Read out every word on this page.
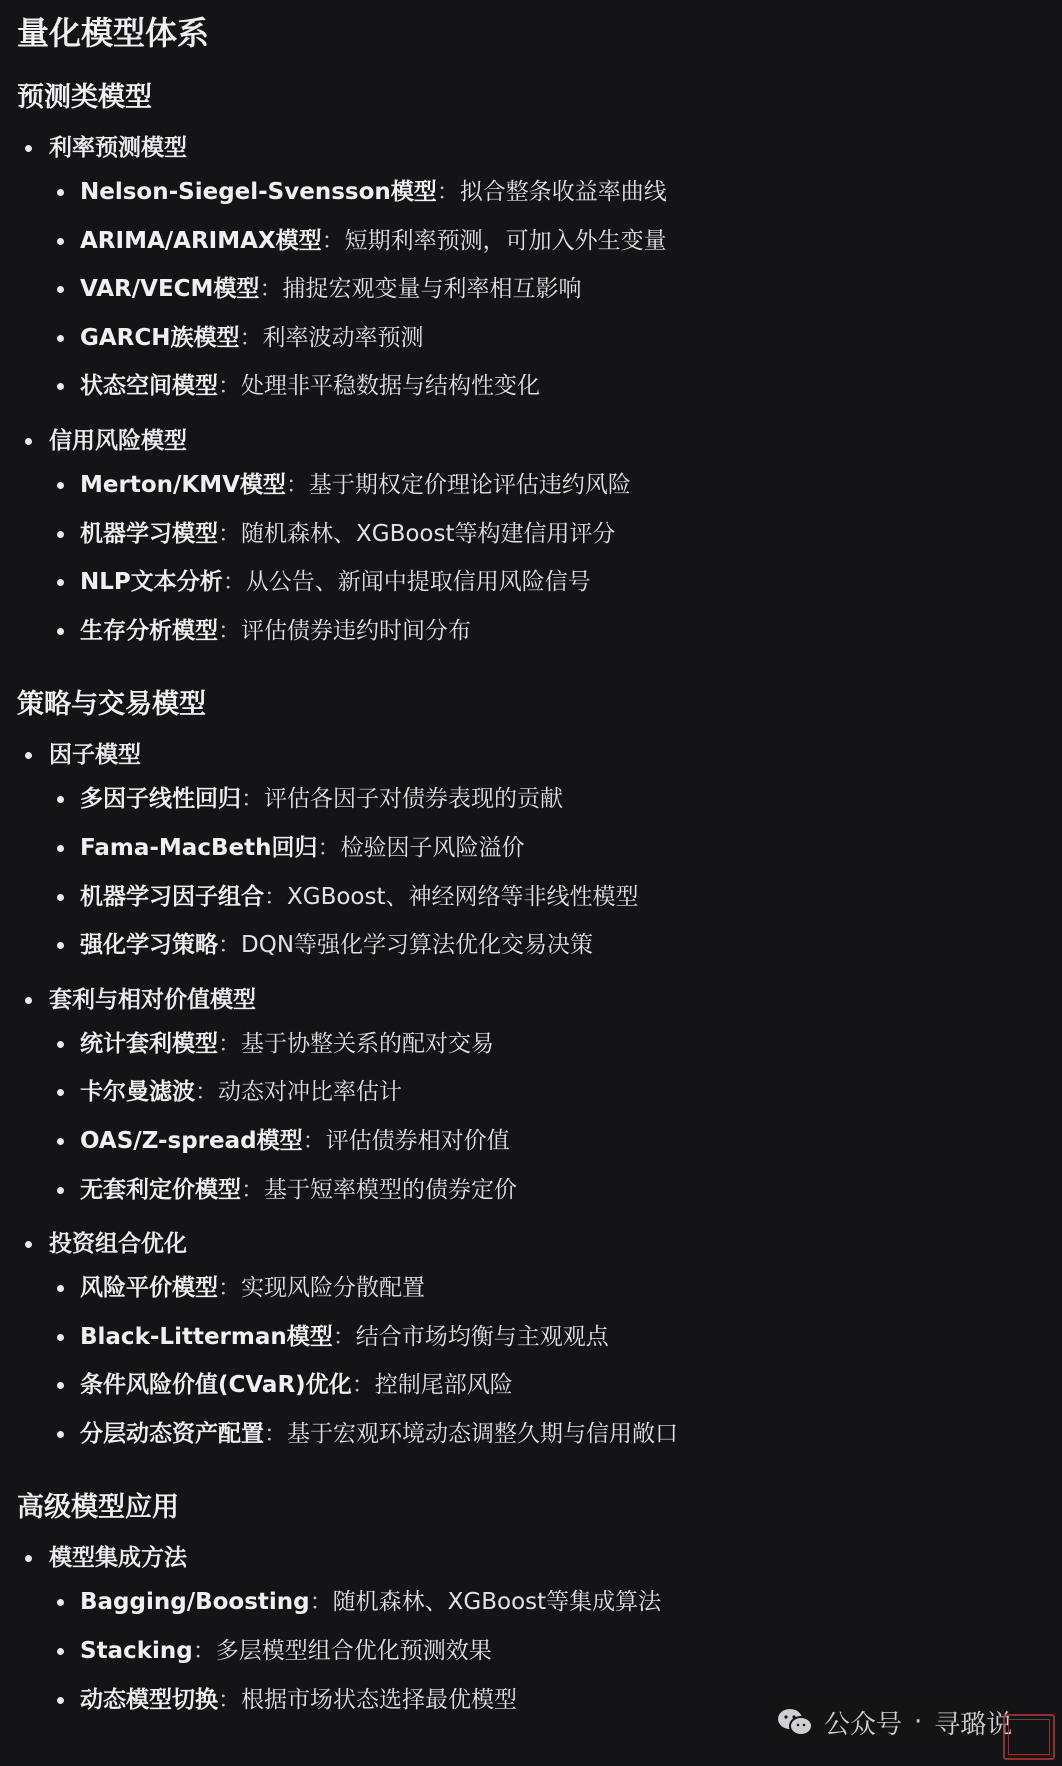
量化模型体系
预测类模型
利率预测模型
Nelson-Siegel-Svensson模型：拟合整条收益率曲线
ARIMA/ARIMAX模型：短期利率预测，可加入外生变量
VAR/VECM模型：捕捉宏观变量与利率相互影响
GARCH族模型：利率波动率预测
状态空间模型：处理非平稳数据与结构性变化
信用风险模型
Merton/KMV模型：基于期权定价理论评估违约风险
机器学习模型：随机森林、XGBoost等构建信用评分
NLP文本分析：从公告、新闻中提取信用风险信号
生存分析模型：评估债券违约时间分布
策略与交易模型
因子模型
多因子线性回归：评估各因子对债券表现的贡献
Fama-MacBeth回归：检验因子风险溢价
机器学习因子组合：XGBoost、神经网络等非线性模型
强化学习策略：DQN等强化学习算法优化交易决策
套利与相对价值模型
统计套利模型：基于协整关系的配对交易
卡尔曼滤波：动态对冲比率估计
OAS/Z-spread模型：评估债券相对价值
无套利定价模型：基于短率模型的债券定价
投资组合优化
风险平价模型：实现风险分散配置
Black-Litterman模型：结合市场均衡与主观观点
条件风险价值(CVaR)优化：控制尾部风险
分层动态资产配置：基于宏观环境动态调整久期与信用敞口
高级模型应用
模型集成方法
Bagging/Boosting：随机森林、XGBoost等集成算法
Stacking：多层模型组合优化预测效果
动态模型切换：根据市场状态选择最优模型
公众号 · 寻璐说
